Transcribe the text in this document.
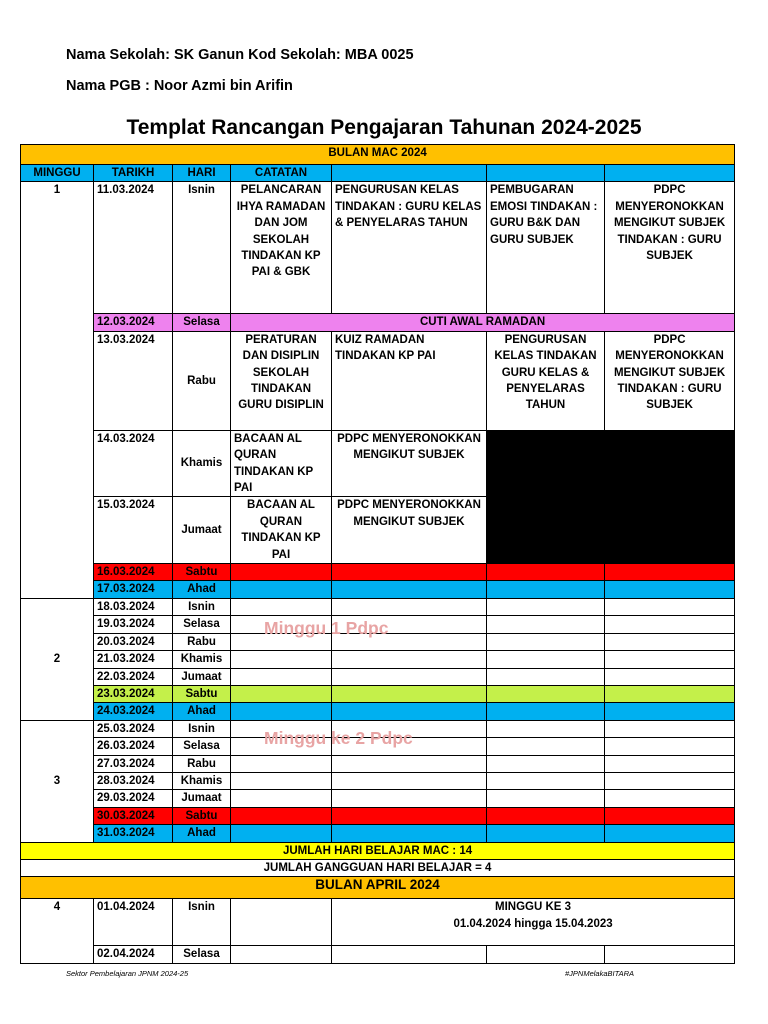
Nama Sekolah: SK Ganun Kod Sekolah: MBA 0025
Nama PGB : Noor Azmi bin Arifin
Templat Rancangan Pengajaran Tahunan 2024-2025
BULAN MAC 2024						
MINGGU	TARIKH	HARI	CATATAN			
1	11.03.2024	Isnin	PELANCARAN IHYA RAMADAN DAN JOM SEKOLAH TINDAKAN KP PAI & GBK	PENGURUSAN KELAS TINDAKAN : GURU KELAS & PENYELARAS TAHUN	PEMBUGARAN EMOSI TINDAKAN : GURU B&K DAN GURU SUBJEK	PDPC MENYERONOKKAN MENGIKUT SUBJEK TINDAKAN : GURU SUBJEK
	12.03.2024	Selasa	CUTI AWAL RAMADAN			
	13.03.2024	Rabu	PERATURAN DAN DISIPLIN SEKOLAH TINDAKAN GURU DISIPLIN	KUIZ RAMADAN TINDAKAN KP PAI	PENGURUSAN KELAS TINDAKAN GURU KELAS & PENYELARAS TAHUN	PDPC MENYERONOKKAN MENGIKUT SUBJEK TINDAKAN : GURU SUBJEK
	14.03.2024	Khamis	BACAAN AL QURAN TINDAKAN KP PAI	PDPC MENYERONOKKAN MENGIKUT SUBJEK		
	15.03.2024	Jumaat	BACAAN AL QURAN TINDAKAN KP PAI	PDPC MENYERONOKKAN MENGIKUT SUBJEK		
	16.03.2024	Sabtu				
	17.03.2024	Ahad				
2	18.03.2024	Isnin				
	19.03.2024	Selasa				
	20.03.2024	Rabu				
	21.03.2024	Khamis				
	22.03.2024	Jumaat				
	23.03.2024	Sabtu				
	24.03.2024	Ahad				
3	25.03.2024	Isnin				
	26.03.2024	Selasa				
	27.03.2024	Rabu				
	28.03.2024	Khamis				
	29.03.2024	Jumaat				
	30.03.2024	Sabtu				
	31.03.2024	Ahad				
JUMLAH HARI BELAJAR MAC : 14						
JUMLAH GANGGUAN HARI BELAJAR = 4						
BULAN APRIL 2024						
4	01.04.2024	Isnin		MINGGU KE 3
01.04.2024 hingga 15.04.2023		

	02.04.2024	Selasa				
Minggu 1 Pdpc
Minggu ke 2 Pdpc
Sektor Pembelajaran JPNM 2024-25	#JPNMelakaBITARA
